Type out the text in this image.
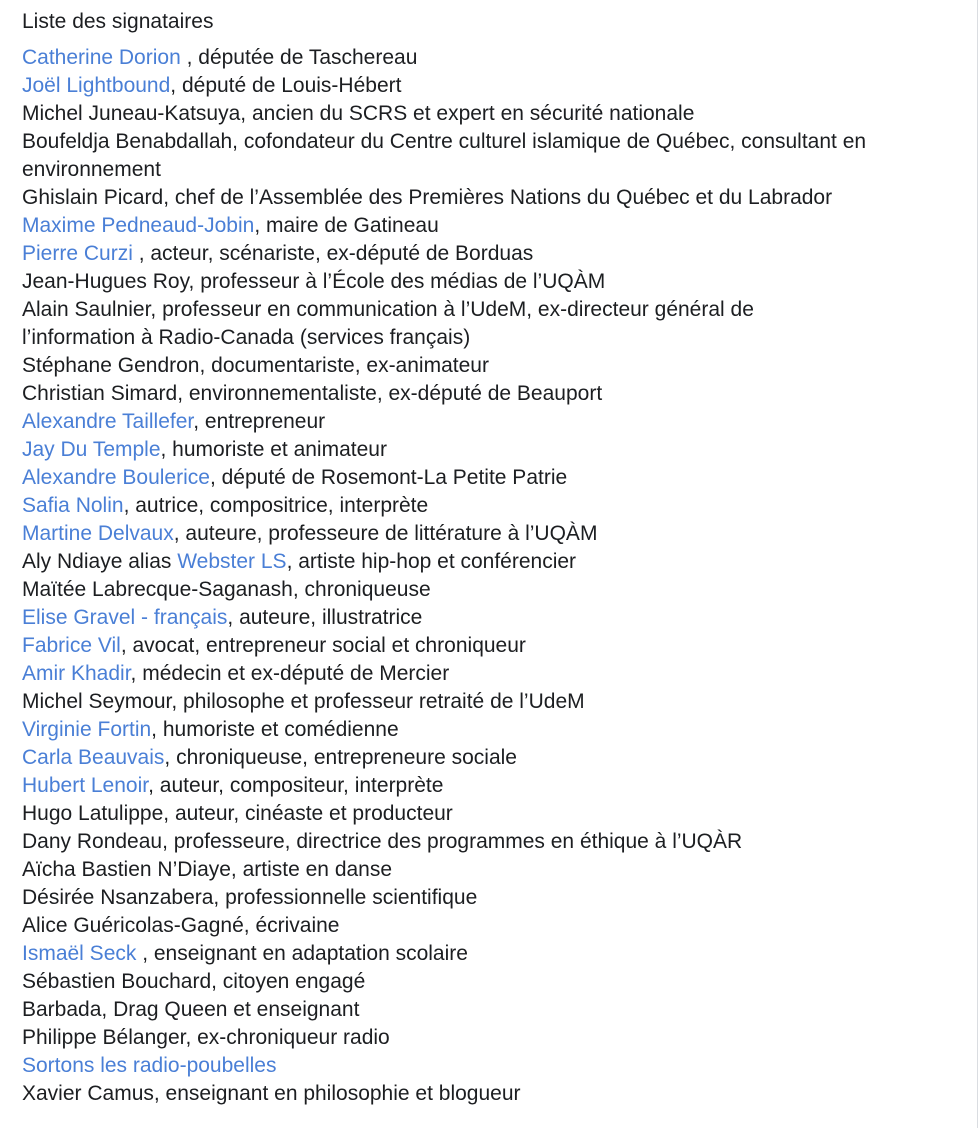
Liste des signataires
Catherine Dorion , députée de Taschereau
Joël Lightbound, député de Louis-Hébert
Michel Juneau-Katsuya, ancien du SCRS et expert en sécurité nationale
Boufeldja Benabdallah, cofondateur du Centre culturel islamique de Québec, consultant en environnement
Ghislain Picard, chef de l’Assemblée des Premières Nations du Québec et du Labrador
Maxime Pedneaud-Jobin, maire de Gatineau
Pierre Curzi , acteur, scénariste, ex-député de Borduas
Jean-Hugues Roy, professeur à l’École des médias de l’UQÀM
Alain Saulnier, professeur en communication à l’UdeM, ex-directeur général de l’information à Radio-Canada (services français)
Stéphane Gendron, documentariste, ex-animateur
Christian Simard, environnementaliste, ex-député de Beauport
Alexandre Taillefer, entrepreneur
Jay Du Temple, humoriste et animateur
Alexandre Boulerice, député de Rosemont-La Petite Patrie
Safia Nolin, autrice, compositrice, interprète
Martine Delvaux, auteure, professeure de littérature à l’UQÀM
Aly Ndiaye alias Webster LS, artiste hip-hop et conférencier
Maïtée Labrecque-Saganash, chroniqueuse
Elise Gravel - français, auteure, illustratrice
Fabrice Vil, avocat, entrepreneur social et chroniqueur
Amir Khadir, médecin et ex-député de Mercier
Michel Seymour, philosophe et professeur retraité de l’UdeM
Virginie Fortin, humoriste et comédienne
Carla Beauvais, chroniqueuse, entrepreneure sociale
Hubert Lenoir, auteur, compositeur, interprète
Hugo Latulippe, auteur, cinéaste et producteur
Dany Rondeau, professeure, directrice des programmes en éthique à l’UQÀR
Aïcha Bastien N’Diaye, artiste en danse
Désirée Nsanzabera, professionnelle scientifique
Alice Guéricolas-Gagné, écrivaine
Ismaël Seck , enseignant en adaptation scolaire
Sébastien Bouchard, citoyen engagé
Barbada, Drag Queen et enseignant
Philippe Bélanger, ex-chroniqueur radio
Sortons les radio-poubelles
Xavier Camus, enseignant en philosophie et blogueur
